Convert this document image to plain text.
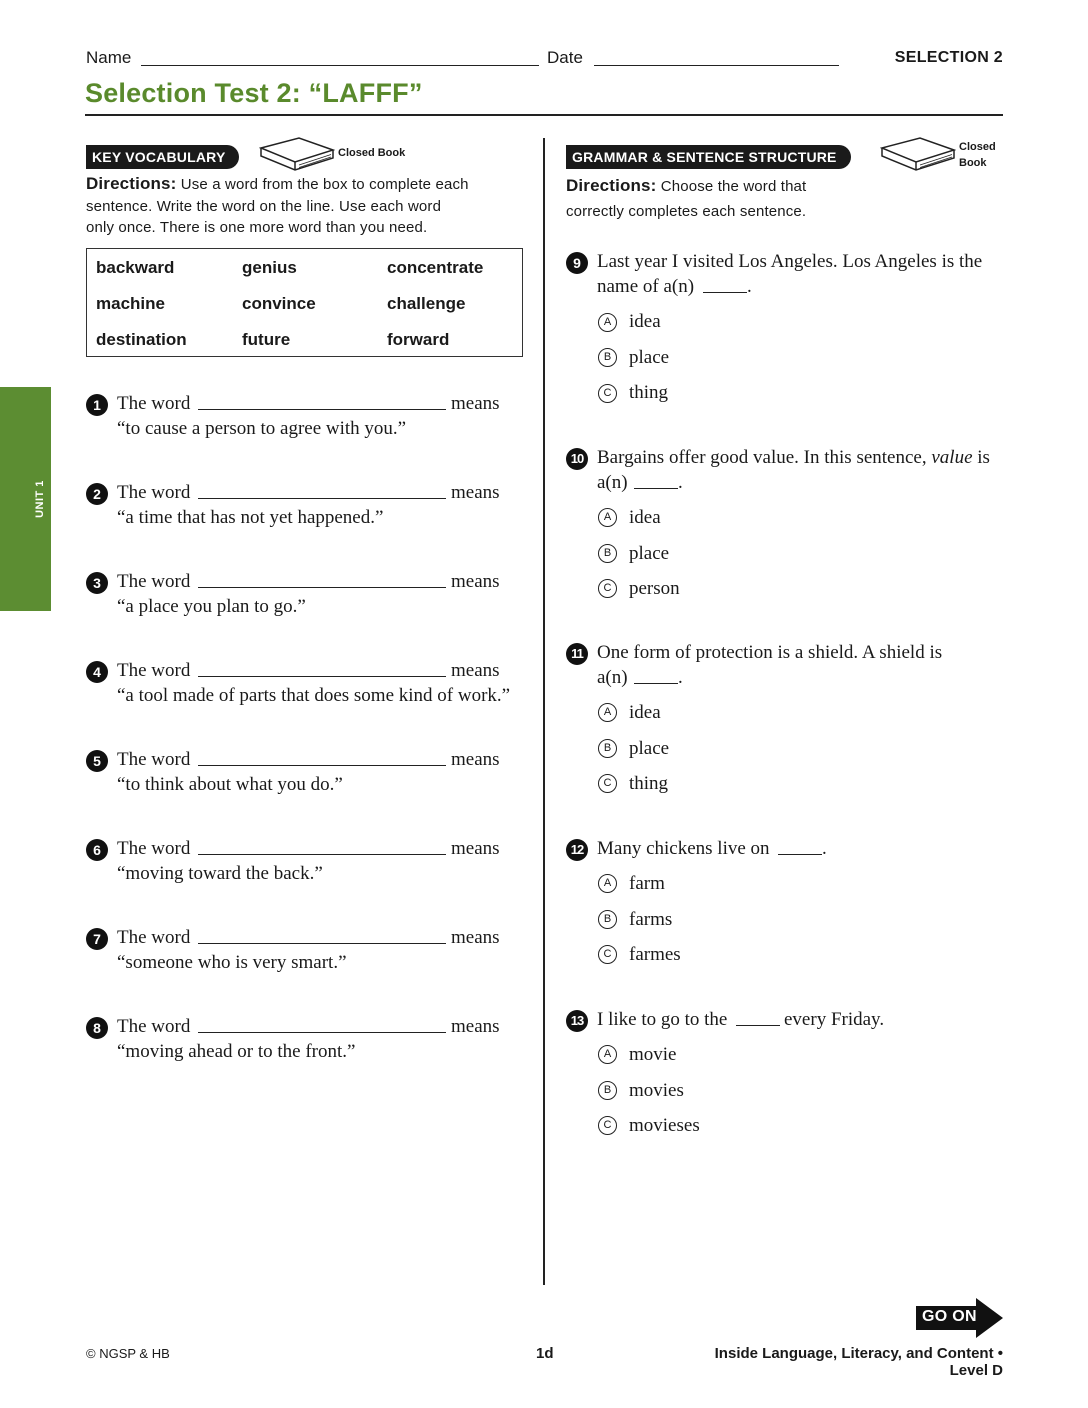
Name	Date	SELECTION 2
Selection Test 2: “LAFFF”
UNIT 1
KEY VOCABULARY	Closed Book
Directions: Use a word from the box to complete each
sentence. Write the word on the line. Use each word
only once. There is one more word than you need.
backward	genius	concentrate
machine	convince	challenge
destination	future	forward
1 The word	means
“to cause a person to agree with you.”
2 The word	means
“a time that has not yet happened.”
3 The word	means
“a place you plan to go.”
4 The word	means
“a tool made of parts that does some kind of work.”
5 The word	means
“to think about what you do.”
6 The word	means
“moving toward the back.”
7 The word	means
“someone who is very smart.”
8 The word	means
“moving ahead or to the front.”
GRAMMAR & SENTENCE STRUCTURE
Closed
Book
Directions: Choose the word that
correctly completes each sentence.
9 Last year I visited Los Angeles. Los Angeles is the
name of a(n)	.
A idea
B place
C thing
10 Bargains offer good value. In this sentence, value is
a(n)	.
A idea
B place
C person
11 One form of protection is a shield. A shield is
a(n)	.
A idea
B place
C thing
12 Many chickens live on	.
A farm
B farms
C farmes
13 I like to go to the	every Friday.
A movie
B movies
C movieses
GO ON
© NGSP & HB	1d	Inside Language, Literacy, and Content • Level D
